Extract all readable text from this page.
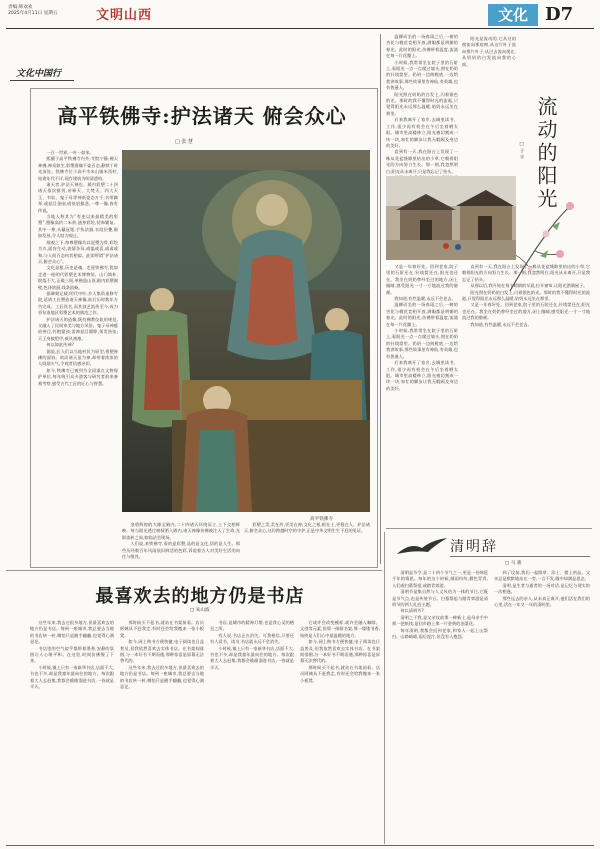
责编:韩欢欢
2025年4月11日 星期五	文明山西	文化 D7
文化中国行
高平铁佛寺:护法诸天 俯会众心
□ 张 慧

一百一世界,一叶一如来。

熙攘于高平铁佛寺内外,寺院宁静,佛天神佛,神采如生,彩塑群像千姿百态,静默于时光深处。铁佛寺位于高平市米山镇米西村,始建年代不详,现存建筑为明清遗构。

诸天者,护法天神也。殿内彩塑二十四诸天依次排列,帝释天、大梵天、四大天王、韦驮、鬼子母等神祇姿态万千,衣带飘举,或怒目金刚,或低眉慈悲,一尊一像,皆有传说。

当地人称其为“有史以来最精美的彩塑”,塑像高约二米余,通身彩绘,装饰繁复。其中一尊,头戴冠冕,手执法器,衣纹层叠,细如发丝,令人叹为观止。

细观之下,每尊塑像均以泥塑为骨,彩绘为衣,面容生动,表情各异,或愠或喜,或肃或和,与人间百态何其相似。此即所谓“护法诸天,俯会众心”。

文化是根,历史是魂。走进铁佛寺,犹如走进一座明代彩塑艺术博物馆。山门简朴,院落不大,正殿三间,单檐悬山顶,殿内彩塑满壁,色泽浓丽,线条流畅。

据碑刻记载,明代中叶,乡人集资重修寺院,延请工匠塑造诸天神像,前后历时数年方告完成。工匠佚名,而其技艺流传至今,成为晋东南地区彩塑艺术的典范之作。

护法诸天的造像,既有佛教仪轨的规范,又融入了民间审美与地方风俗。鬼子母神慈眉善目,怀抱婴孩;雷神怒目圆睁,须发皆张;天王身披铠甲,威风凛凛。

何以如此传神?

据说,匠人们以当地村民为原型,捏塑神佛的面容。故而诸天虽为神,却带着浓浓的人间烟火气,令观者倍感亲切。

如今,铁佛寺已被列为全国重点文物保护单位,每年吸引众多游客与研究者前来参观考察,感受古代工匠的匠心与智慧。

高平铁佛寺

金碧辉煌的大雄宝殿内,二十四诸天环绕而立,上下交相辉映。每当阳光透过窗棂洒入殿内,诸天神像仿佛被注入了生命,光影流转之间,如临法会现场。

人们说,来铁佛寺,看的是彩塑,品的是文化,悟的是人生。那些历经数百年风雨依旧鲜活的色彩,诉说着古人对美好生活的向往与敬畏。

彩塑之美,美在形,更美在神;文化之根,根在土,更根在人。护法诸天,俯会众心,这份跨越时空的守护,正是中华文明生生不息的见证。

温柳而坐的一场春雨之后,一树的杏花与桃花竞相开放,满眼都是明媚的春光。此时的阳光,仿佛带着温度,流淌在每一片花瓣上。

小时候,我常常坐在院子里的石阶上,看阳光一点一点爬过墙头,照在奶奶的针线筐里。奶奶一边纳鞋底,一边给我讲故事,那些故事里有神仙,有英雄,也有普通人。

阳光照在奶奶的白发上,闪着银色的光。那时的我不懂得时光的流逝,只觉得阳光永远那么温暖,奶奶永远坐在那里。

后来我离开了家乡,去城里读书、工作,很少再有机会在午后坐着晒太阳。城市里高楼林立,阳光被切割成一块一块,匆忙的脚步让我无暇顾及身边的美好。

直到有一天,我在阳台上发现了一株从花盆缝隙里钻出的小草,它朝着阳光的方向努力生长。那一刻,我忽然明白,阳光从未离开,只是我忘记了抬头。	流动的阳光
□ 于 丰

阳光是流动的,它从这扇窗流向那扇窗,从这片叶子流向那片叶子,从过去流向现在,从奶奶的白发流向我的心间。

又是一年春好处。回到老家,院子里的石阶还在,针线筐还在,阳光也还在。我坐在奶奶曾经坐过的地方,闭上眼睛,感受阳光一寸一寸地流过我的脸颊。

我知道,有些温暖,永远不会老去。

温柳而坐的一场春雨之后,一树的杏花与桃花竞相开放,满眼都是明媚的春光。此时的阳光,仿佛带着温度,流淌在每一片花瓣上。

小时候,我常常坐在院子里的石阶上,看阳光一点一点爬过墙头,照在奶奶的针线筐里。奶奶一边纳鞋底,一边给我讲故事,那些故事里有神仙,有英雄,也有普通人。

后来我离开了家乡,去城里读书、工作,很少再有机会在午后坐着晒太阳。城市里高楼林立,阳光被切割成一块一块,匆忙的脚步让我无暇顾及身边的美好。

直到有一天,我在阳台上发现了一株从花盆缝隙里钻出的小草,它朝着阳光的方向努力生长。那一刻,我忽然明白,阳光从未离开,只是我忘记了抬头。

从那以后,我开始在每个晴朗的早晨,拉开窗帘,让阳光洒满屋子。

阳光照在奶奶的白发上,闪着银色的光。那时的我不懂得时光的流逝,只觉得阳光永远那么温暖,奶奶永远坐在那里。

又是一年春好处。回到老家,院子里的石阶还在,针线筐还在,阳光也还在。我坐在奶奶曾经坐过的地方,闭上眼睛,感受阳光一寸一寸地流过我的脸颊。

我知道,有些温暖,永远不会老去。

清明辞
□ 马 骏

清明是节令,是二十四个节气之一,更是一份绵延千年的情思。每年的这个时候,细雨纷纷,柳色青青,人们或扫墓祭祖,或踏青郊游。

清明节是集自然与人文风俗为一体的节日,它既是节气点,也是传统节日。扫墓祭祖与踏青郊游是清明节的两大礼俗主题。

何以清明节?

清明之于我,是父亲坟前那一捧新土,是母亲手中那一把纸钱,是回乡路上那一片金黄的油菜花。

每年清明,我都会回到老家,和家人一起上山祭扫。山路崎岖,雨后泥泞,但没有人抱怨。

到了坟前,我们一起除草、添土、摆上供品。父亲总是默默地站在一旁,一言不发,眼中却满是思念。

清明,是生者与逝者的一场对话,是记忆与现实的一次相逢。

那些远去的亲人,从未真正离开,他们活在我们的心里,活在一年又一年的清明里。

最喜欢去的地方仍是书店
□ 朱山波

这些年来,我去过很多地方,但最喜欢去的地方仍是书店。每到一座城市,我总要去当地的书店转一转,哪怕只是随手翻翻,也觉得心满意足。

书店里的空气似乎都带着墨香,安静的氛围让人心绪平和。在这里,时间仿佛慢了下来。

小时候,镇上只有一家新华书店,店面不大,书也不多,却是我童年最向往的地方。每次跟着大人去赶集,我都会偷偷溜进书店,一待就是半天。

那时候买不起书,就站在书架前看。店员阿姨从不赶我走,有时还会给我搬来一张小板凳。

如今,网上购书方便快捷,电子阅读也日益普及,但我依然喜欢去实体书店。在书架间徘徊,与一本好书不期而遇,那种惊喜是屏幕无法替代的。

这些年来,我去过很多地方,但最喜欢去的地方仍是书店。每到一座城市,我总要去当地的书店转一转,哪怕只是随手翻翻,也觉得心满意足。

书店,是城市的精神灯塔,也是我心灵的栖息之所。

有人说,书店正在消失。可我相信,只要还有人爱书、读书,书店就永远不会消失。

小时候,镇上只有一家新华书店,店面不大,书也不多,却是我童年最向往的地方。每次跟着大人去赶集,我都会偷偷溜进书店,一待就是半天。

它或许会改变模样,或许会融入咖啡、文创等元素,但那一排排书架,那一缕缕书香,始终是人们心中最温暖的地方。

如今,网上购书方便快捷,电子阅读也日益普及,但我依然喜欢去实体书店。在书架间徘徊,与一本好书不期而遇,那种惊喜是屏幕无法替代的。

那时候买不起书,就站在书架前看。店员阿姨从不赶我走,有时还会给我搬来一张小板凳。
